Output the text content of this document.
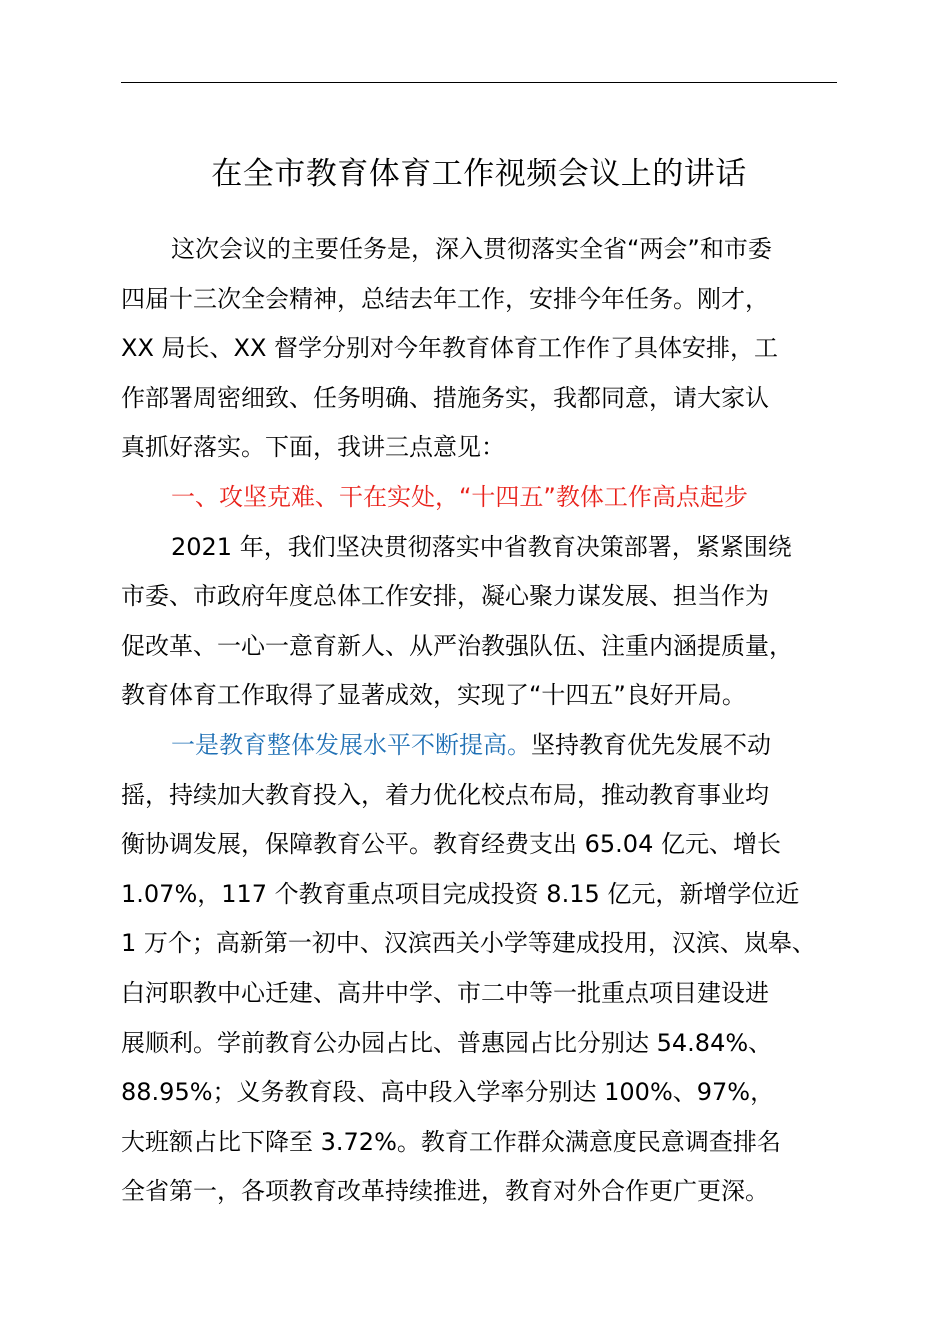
在全市教育体育工作视频会议上的讲话

这次会议的主要任务是，深入贯彻落实全省“两会”和市委
四届十三次全会精神，总结去年工作，安排今年任务。刚才，
XX 局长、XX 督学分别对今年教育体育工作作了具体安排，工
作部署周密细致、任务明确、措施务实，我都同意，请大家认
真抓好落实。下面，我讲三点意见：

一、攻坚克难、干在实处，“十四五”教体工作高点起步

2021 年，我们坚决贯彻落实中省教育决策部署，紧紧围绕
市委、市政府年度总体工作安排，凝心聚力谋发展、担当作为
促改革、一心一意育新人、从严治教强队伍、注重内涵提质量，
教育体育工作取得了显著成效，实现了“十四五”良好开局。

一是教育整体发展水平不断提高。坚持教育优先发展不动
摇，持续加大教育投入，着力优化校点布局，推动教育事业均
衡协调发展，保障教育公平。教育经费支出 65.04 亿元、增长
1.07%，117 个教育重点项目完成投资 8.15 亿元，新增学位近
1 万个；高新第一初中、汉滨西关小学等建成投用，汉滨、岚皋、
白河职教中心迁建、高井中学、市二中等一批重点项目建设进
展顺利。学前教育公办园占比、普惠园占比分别达 54.84%、
88.95%；义务教育段、高中段入学率分别达 100%、97%，
大班额占比下降至 3.72%。教育工作群众满意度民意调查排名
全省第一，各项教育改革持续推进，教育对外合作更广更深。
